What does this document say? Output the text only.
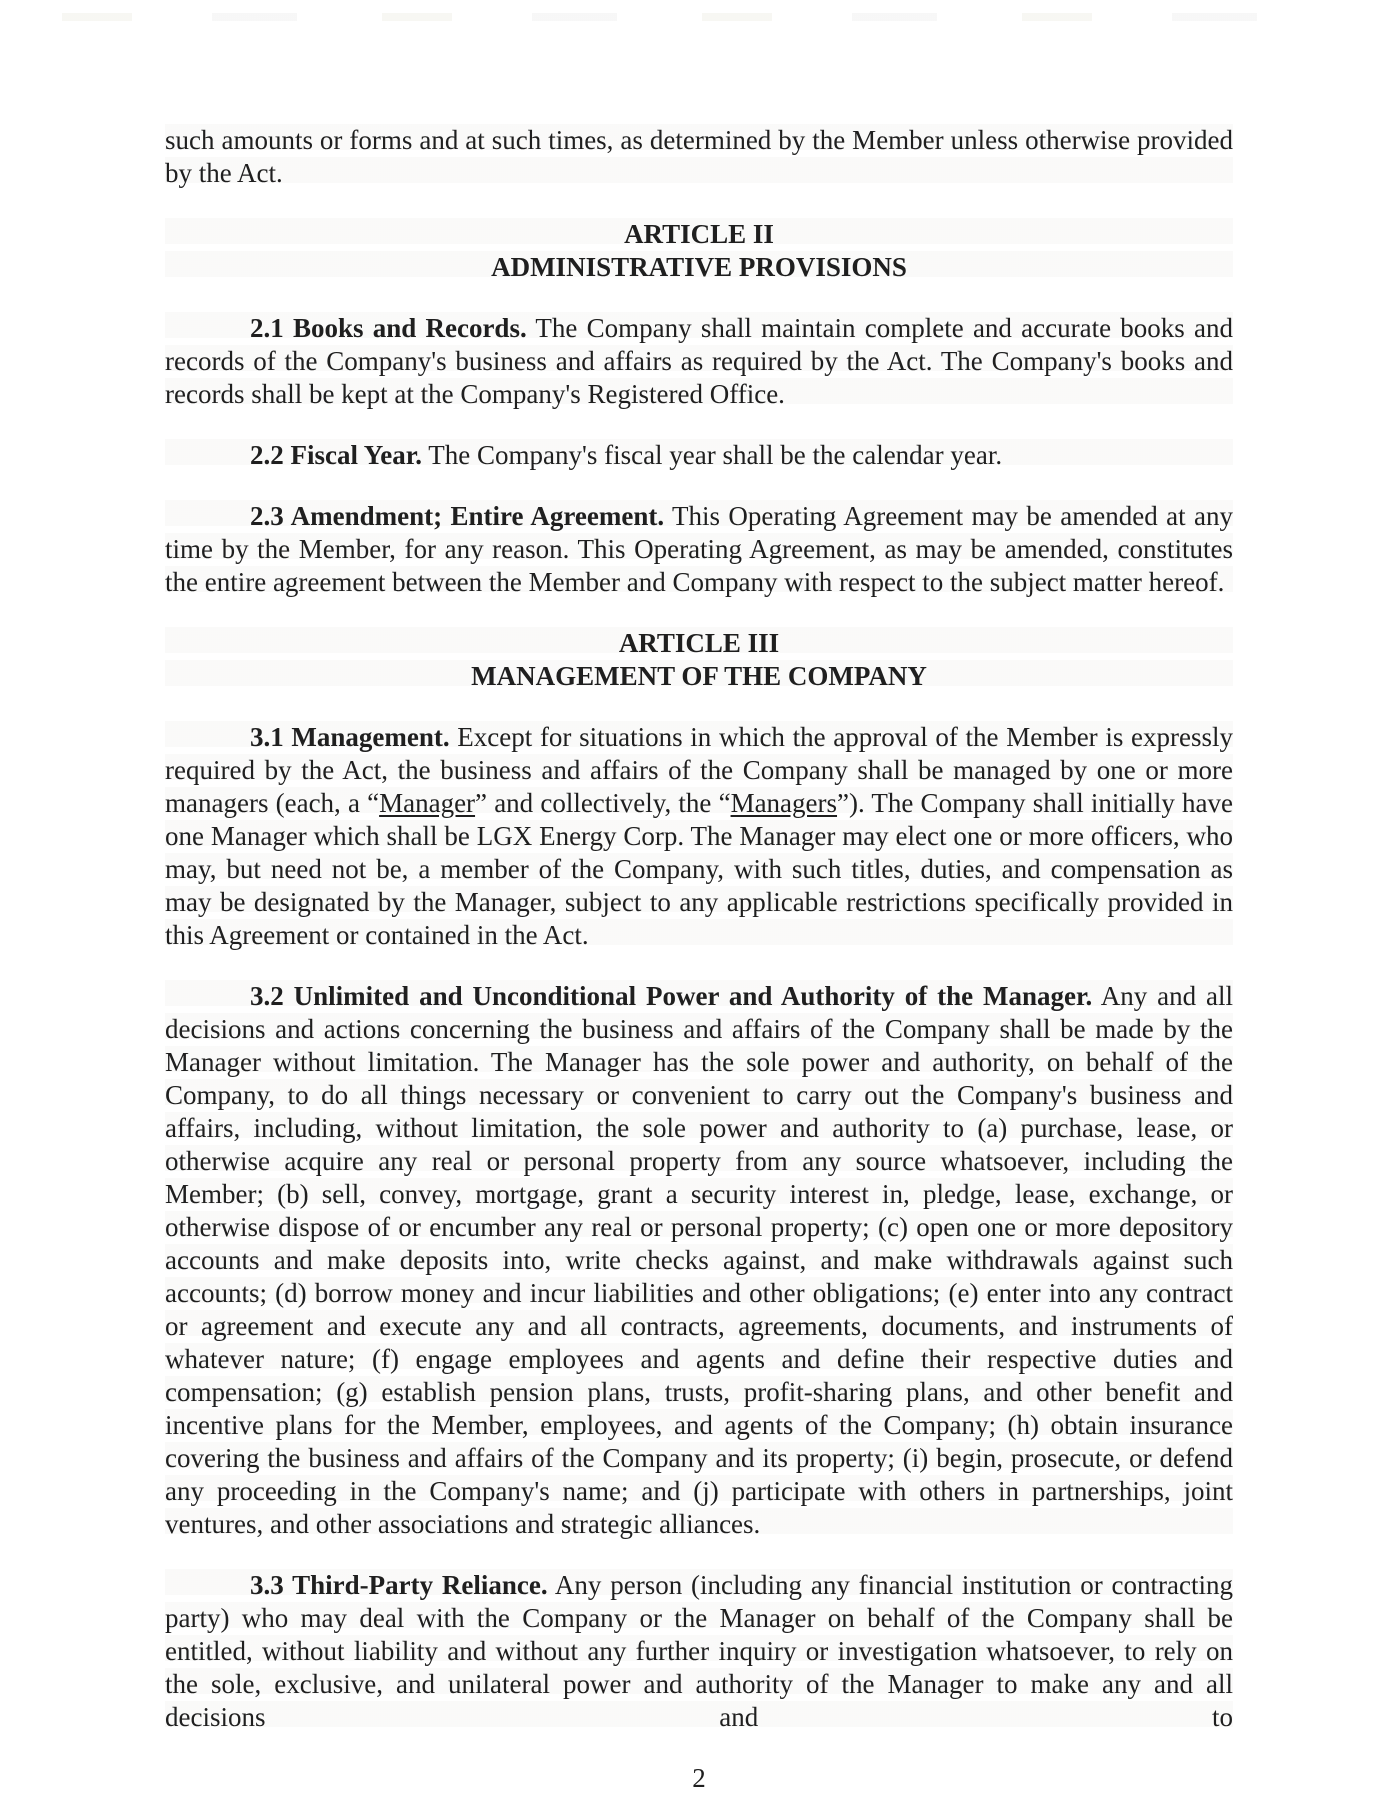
such amounts or forms and at such times, as determined by the Member unless otherwise provided by the Act.

ARTICLE II
ADMINISTRATIVE PROVISIONS

2.1 Books and Records. The Company shall maintain complete and accurate books and records of the Company's business and affairs as required by the Act. The Company's books and records shall be kept at the Company's Registered Office.

2.2 Fiscal Year. The Company's fiscal year shall be the calendar year.

2.3 Amendment; Entire Agreement. This Operating Agreement may be amended at any time by the Member, for any reason. This Operating Agreement, as may be amended, constitutes the entire agreement between the Member and Company with respect to the subject matter hereof.

ARTICLE III
MANAGEMENT OF THE COMPANY

3.1 Management. Except for situations in which the approval of the Member is expressly required by the Act, the business and affairs of the Company shall be managed by one or more managers (each, a “Manager” and collectively, the “Managers”). The Company shall initially have one Manager which shall be LGX Energy Corp. The Manager may elect one or more officers, who may, but need not be, a member of the Company, with such titles, duties, and compensation as may be designated by the Manager, subject to any applicable restrictions specifically provided in this Agreement or contained in the Act.

3.2 Unlimited and Unconditional Power and Authority of the Manager. Any and all decisions and actions concerning the business and affairs of the Company shall be made by the Manager without limitation. The Manager has the sole power and authority, on behalf of the Company, to do all things necessary or convenient to carry out the Company's business and affairs, including, without limitation, the sole power and authority to (a) purchase, lease, or otherwise acquire any real or personal property from any source whatsoever, including the Member; (b) sell, convey, mortgage, grant a security interest in, pledge, lease, exchange, or otherwise dispose of or encumber any real or personal property; (c) open one or more depository accounts and make deposits into, write checks against, and make withdrawals against such accounts; (d) borrow money and incur liabilities and other obligations; (e) enter into any contract or agreement and execute any and all contracts, agreements, documents, and instruments of whatever nature; (f) engage employees and agents and define their respective duties and compensation; (g) establish pension plans, trusts, profit-sharing plans, and other benefit and incentive plans for the Member, employees, and agents of the Company; (h) obtain insurance covering the business and affairs of the Company and its property; (i) begin, prosecute, or defend any proceeding in the Company's name; and (j) participate with others in partnerships, joint ventures, and other associations and strategic alliances.

3.3 Third-Party Reliance. Any person (including any financial institution or contracting party) who may deal with the Company or the Manager on behalf of the Company shall be entitled, without liability and without any further inquiry or investigation whatsoever, to rely on the sole, exclusive, and unilateral power and authority of the Manager to make any and all decisions and to

2
